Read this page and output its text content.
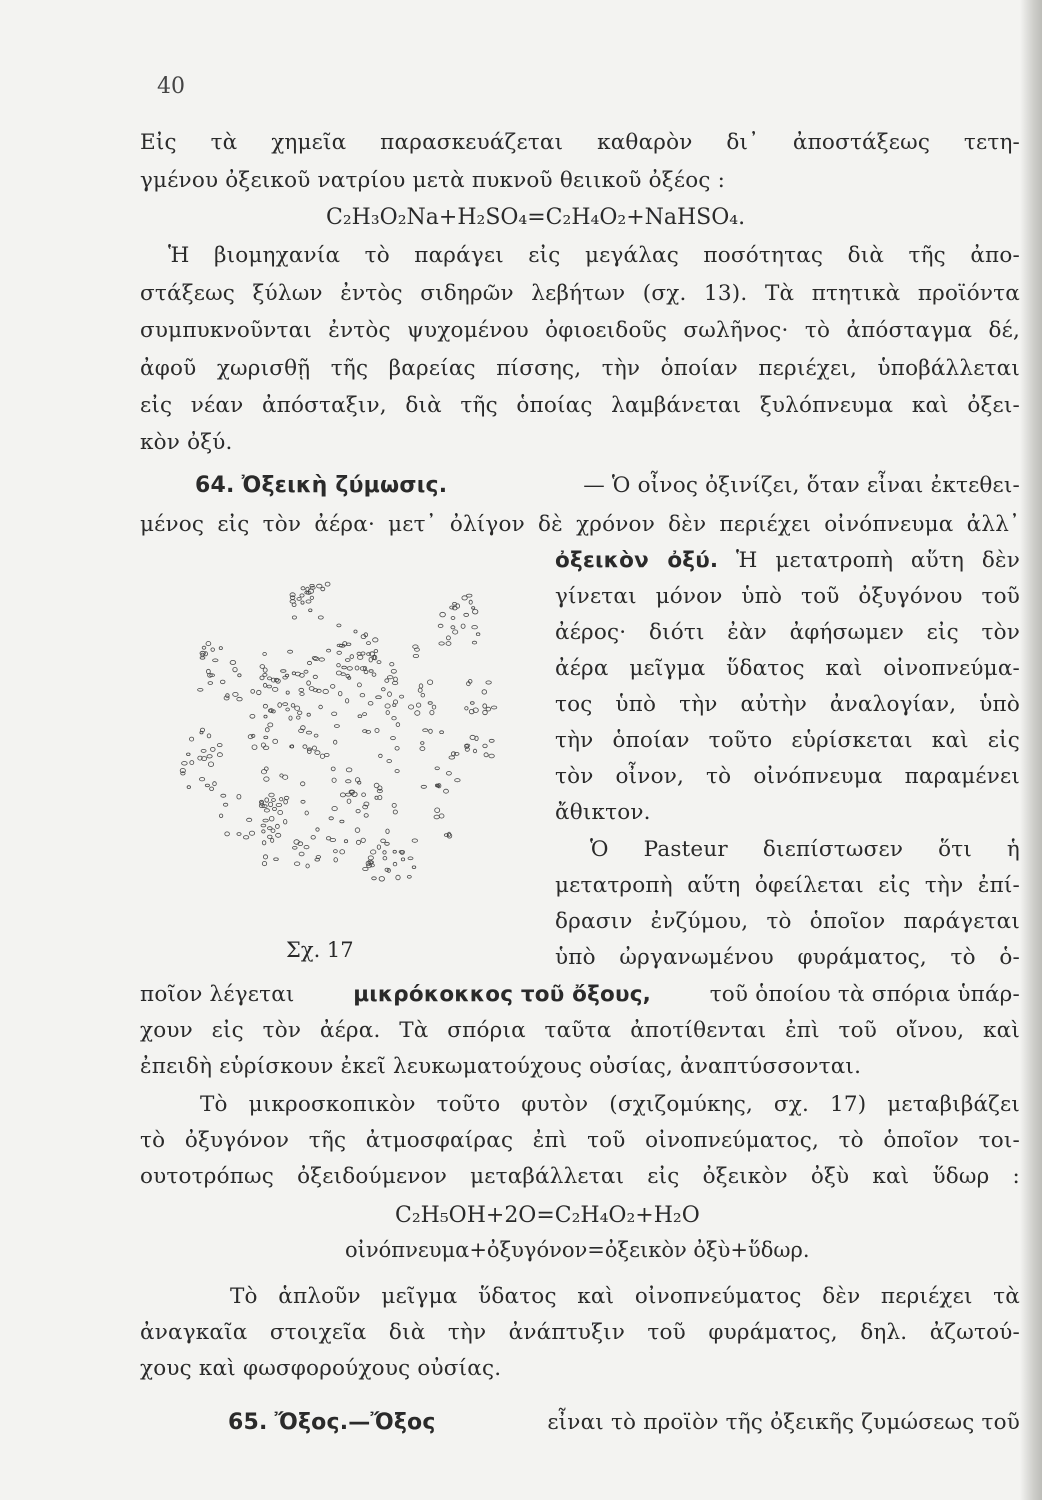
40
Εἰς τὰ χημεῖα παρασκευάζεται καθαρὸν δι᾽ ἀποστάξεως τετη-
γμένου ὀξεικοῦ νατρίου μετὰ πυκνοῦ θειικοῦ ὀξέος :
C₂H₃O₂Na+H₂SO₄=C₂H₄O₂+NaHSO₄.
Ἡ βιομηχανία τὸ παράγει εἰς μεγάλας ποσότητας διὰ τῆς ἀπο-
στάξεως ξύλων ἐντὸς σιδηρῶν λεβήτων (σχ. 13). Τὰ πτητικὰ προϊόντα
συμπυκνοῦνται ἐντὸς ψυχομένου ὀφιοειδοῦς σωλῆνος· τὸ ἀπόσταγμα δέ,
ἀφοῦ χωρισθῇ τῆς βαρείας πίσσης, τὴν ὁποίαν περιέχει, ὑποβάλλεται
εἰς νέαν ἀπόσταξιν, διὰ τῆς ὁποίας λαμβάνεται ξυλόπνευμα καὶ ὀξει-
κὸν ὀξύ.
64. Ὀξεικὴ ζύμωσις.	— Ὁ οἶνος ὀξινίζει, ὅταν εἶναι ἐκτεθει-
μένος εἰς τὸν ἀέρα· μετ᾽ ὀλίγον δὲ χρόνον δὲν περιέχει οἰνόπνευμα ἀλλ᾽
ὀξεικὸν ὀξύ. Ἡ μετατροπὴ αὕτη δὲν
γίνεται μόνον ὑπὸ τοῦ ὀξυγόνου τοῦ
ἀέρος· διότι ἐὰν ἀφήσωμεν εἰς τὸν
ἀέρα μεῖγμα ὕδατος καὶ οἰνοπνεύμα-
τος ὑπὸ τὴν αὐτὴν ἀναλογίαν, ὑπὸ
τὴν ὁποίαν τοῦτο εὑρίσκεται καὶ εἰς
τὸν οἶνον, τὸ οἰνόπνευμα παραμένει
ἄθικτον.
Ὁ Pasteur διεπίστωσεν ὅτι ἡ
μετατροπὴ αὕτη ὀφείλεται εἰς τὴν ἐπί-
δρασιν ἐνζύμου, τὸ ὁποῖον παράγεται
ὑπὸ ὠργανωμένου φυράματος, τὸ ὁ-
Σχ. 17
ποῖον λέγεται	μικρόκοκκος τοῦ ὄξους,	τοῦ ὁποίου τὰ σπόρια ὑπάρ-
χουν εἰς τὸν ἀέρα. Τὰ σπόρια ταῦτα ἀποτίθενται ἐπὶ τοῦ οἴνου, καὶ
ἐπειδὴ εὑρίσκουν ἐκεῖ λευκωματούχους οὐσίας, ἀναπτύσσονται.
Τὸ μικροσκοπικὸν τοῦτο φυτὸν (σχιζομύκης, σχ. 17) μεταβιβάζει
τὸ ὀξυγόνον τῆς ἀτμοσφαίρας ἐπὶ τοῦ οἰνοπνεύματος, τὸ ὁποῖον τοι-
ουτοτρόπως ὀξειδούμενον μεταβάλλεται εἰς ὀξεικὸν ὀξὺ καὶ ὕδωρ :
C₂H₅OH+2O=C₂H₄O₂+H₂O
οἰνόπνευμα+ὀξυγόνον=ὀξεικὸν ὀξὺ+ὕδωρ.
Τὸ ἁπλοῦν μεῖγμα ὕδατος καὶ οἰνοπνεύματος δὲν περιέχει τὰ
ἀναγκαῖα στοιχεῖα διὰ τὴν ἀνάπτυξιν τοῦ φυράματος, δηλ. ἀζωτού-
χους καὶ φωσφορούχους οὐσίας.
65. Ὄξος.—Ὄξος	εἶναι τὸ προϊὸν τῆς ὀξεικῆς ζυμώσεως τοῦ
